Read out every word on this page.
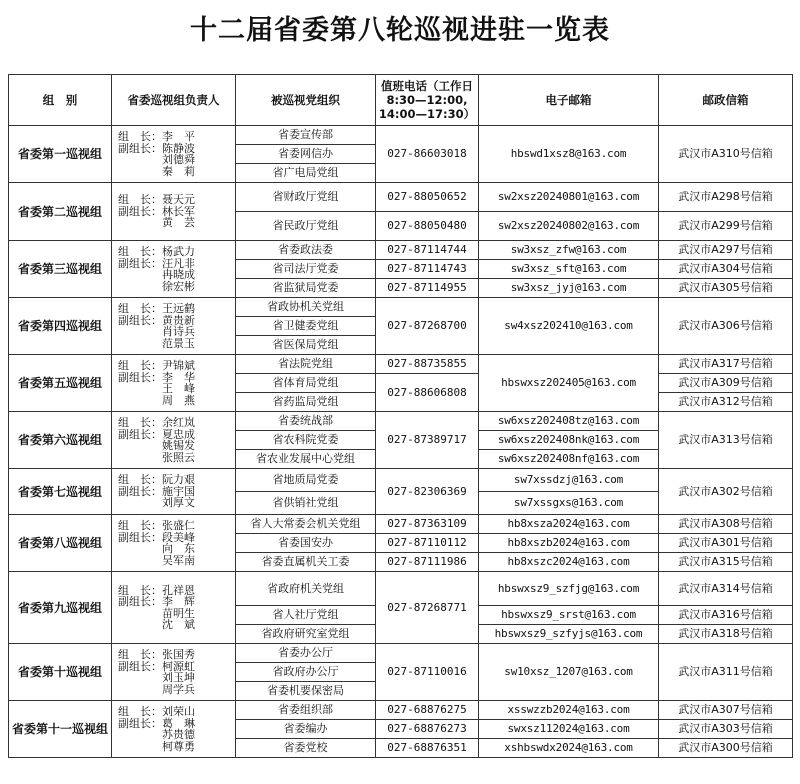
十二届省委第八轮巡视进驻一览表
组　别	省委巡视组负责人	被巡视党组织	值班电话（工作日
8:30—12:00,
14:00—17:30）	电子邮箱	邮政信箱
省委第一巡视组	组　长：李　平
副组长：陈静波
　　　　刘德舜
　　　　秦　莉	省委宣传部	027-86603018	hbswd1xsz8@163.com	武汉市A310号信箱
		省委网信办			
		省广电局党组			
省委第二巡视组	组　长：聂天元
副组长：林长军
　　　　黄　芸	省财政厅党组	027-88050652	sw2xsz20240801@163.com	武汉市A298号信箱
		省民政厅党组	027-88050480	sw2xsz20240802@163.com	武汉市A299号信箱
省委第三巡视组	组　长：杨武力
副组长：汪凡非
　　　　冉晓成
　　　　徐宏彬	省委政法委	027-87114744	sw3xsz_zfw@163.com	武汉市A297号信箱
		省司法厅党委	027-87114743	sw3xsz_sft@163.com	武汉市A304号信箱
		省监狱局党委	027-87114955	sw3xsz_jyj@163.com	武汉市A305号信箱
省委第四巡视组	组　长：王远鹤
副组长：黄贵新
　　　　肖诗兵
　　　　范景玉	省政协机关党组	027-87268700	sw4xsz202410@163.com	武汉市A306号信箱
		省卫健委党组			
		省医保局党组			
省委第五巡视组	组　长：尹锦斌
副组长：李　华
　　　　王　峰
　　　　周　燕	省法院党组	027-88735855	hbswxsz202405@163.com	武汉市A317号信箱
		省体育局党组	027-88606808		武汉市A309号信箱
		省药监局党组			武汉市A312号信箱
省委第六巡视组	组　长：余红岚
副组长：夏忠成
　　　　姚锡发
　　　　张照云	省委统战部	027-87389717	sw6xsz202408tz@163.com	武汉市A313号信箱
		省农科院党委		sw6xsz202408nk@163.com	
		省农业发展中心党组		sw6xsz202408nf@163.com	
省委第七巡视组	组　长：阮力艰
副组长：施宇国
　　　　刘厚文	省地质局党委	027-82306369	sw7xssdzj@163.com	武汉市A302号信箱
		省供销社党组		sw7xssgxs@163.com	
省委第八巡视组	组　长：张盛仁
副组长：段美峰
　　　　向　东
　　　　吴军南	省人大常委会机关党组	027-87363109	hb8xsza2024@163.com	武汉市A308号信箱
		省委国安办	027-87110112	hb8xszb2024@163.com	武汉市A301号信箱
		省委直属机关工委	027-87111986	hb8xszc2024@163.com	武汉市A315号信箱
省委第九巡视组	组　长：孔祥恩
副组长：李　辉
　　　　苗明生
　　　　沈　斌	省政府机关党组	027-87268771	hbswxsz9_szfjg@163.com	武汉市A314号信箱
		省人社厅党组		hbswxsz9_srst@163.com	武汉市A316号信箱
		省政府研究室党组		hbswxsz9_szfyjs@163.com	武汉市A318号信箱
省委第十巡视组	组　长：张国秀
副组长：柯源虹
　　　　刘玉坤
　　　　周学兵	省委办公厅	027-87110016	sw10xsz_1207@163.com	武汉市A311号信箱
		省政府办公厅			
		省委机要保密局			
省委第十一巡视组	组　长：刘荣山
副组长：葛　琳
　　　　苏贵德
　　　　柯尊勇	省委组织部	027-68876275	xsswzzb2024@163.com	武汉市A307号信箱
		省委编办	027-68876273	swxsz112024@163.com	武汉市A303号信箱
		省委党校	027-68876351	xshbswdx2024@163.com	武汉市A300号信箱
